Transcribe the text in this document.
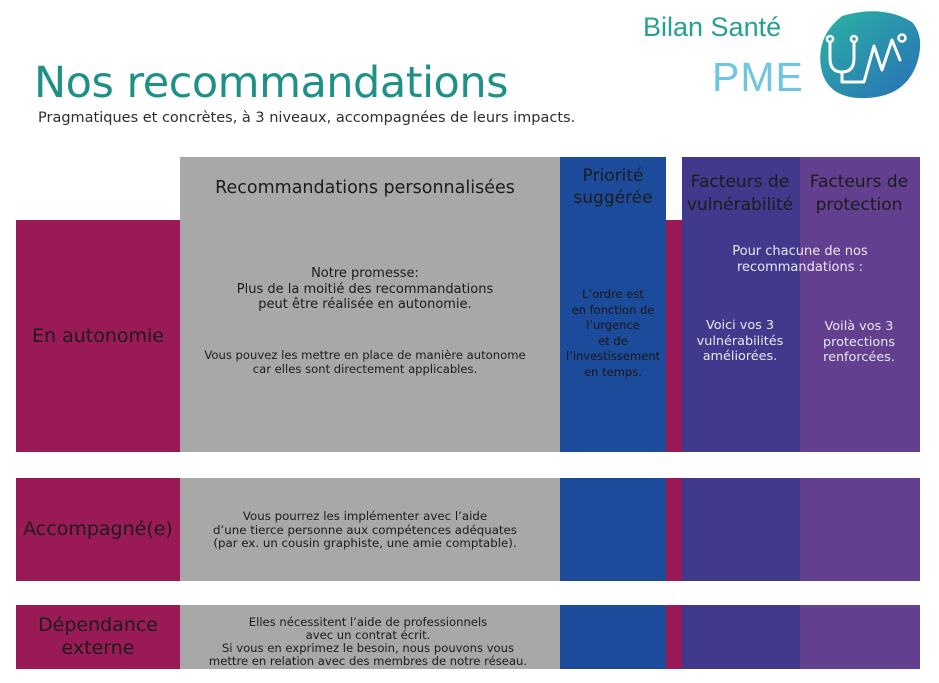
Nos recommandations
Pragmatiques et concrètes, à 3 niveaux, accompagnées de leurs impacts.
Bilan Santé
PME
En autonomie
Recommandations personnalisées
Priorité suggérée
Facteurs de vulnérabilité
Facteurs de protection
Notre promesse:
Plus de la moitié des recommandations
peut être réalisée en autonomie.
Vous pouvez les mettre en place de manière autonome
car elles sont directement applicables.
L’ordre est
en fonction de
l’urgence
et de
l’investissement
en temps.
Pour chacune de nos
recommandations :
Voici vos 3
vulnérabilités
améliorées.
Voilà vos 3
protections
renforcées.
Accompagné(e)
Vous pourrez les implémenter avec l’aide
d’une tierce personne aux compétences adéquates
(par ex. un cousin graphiste, une amie comptable).
Dépendance
externe
Elles nécessitent l’aide de professionnels
avec un contrat écrit.
Si vous en exprimez le besoin, nous pouvons vous
mettre en relation avec des membres de notre réseau.
